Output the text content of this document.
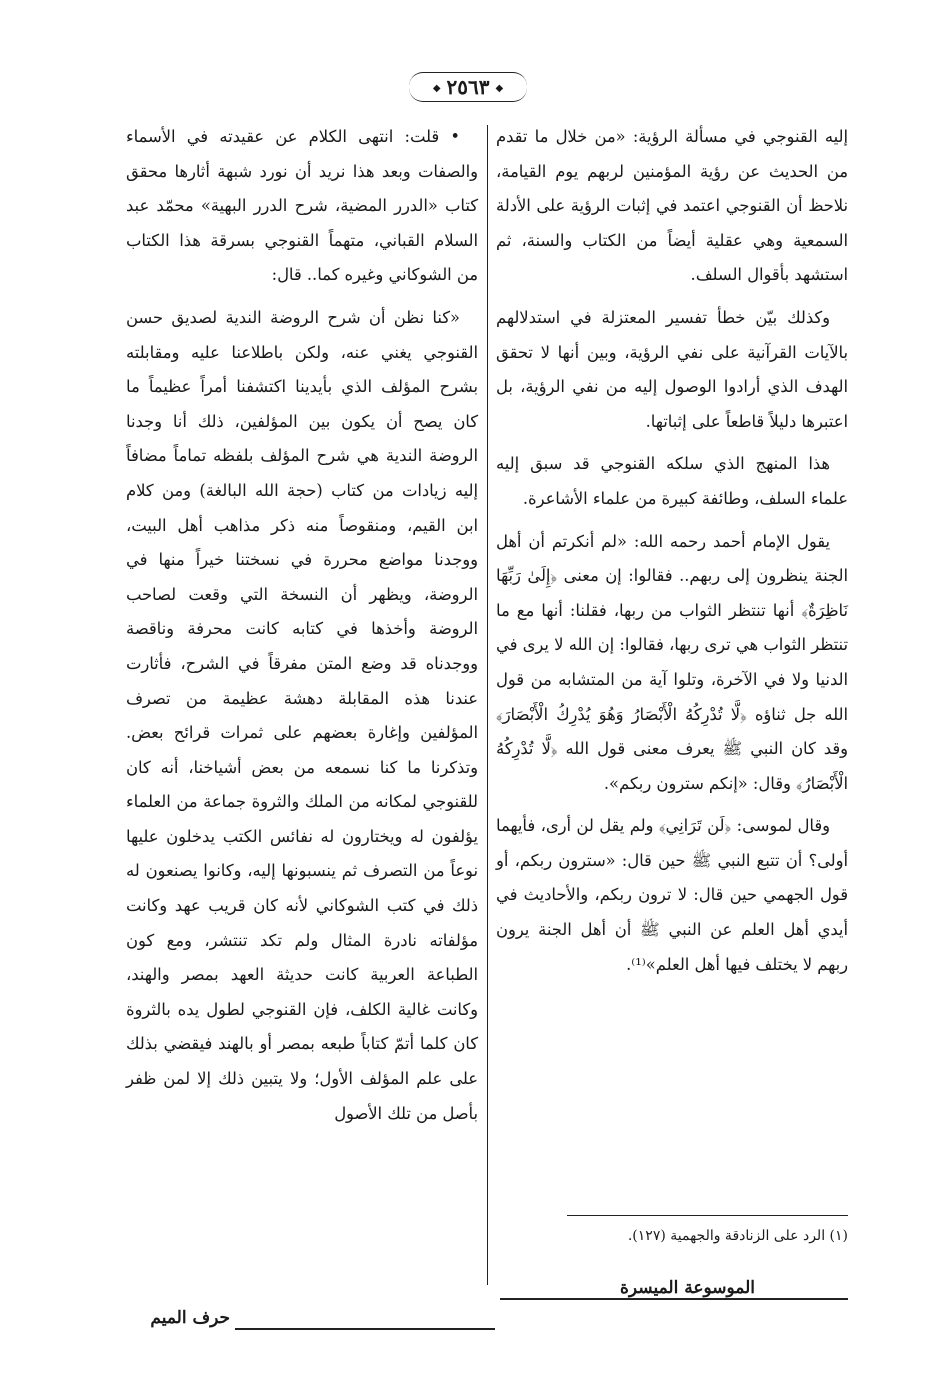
◆٢٥٦٣◆

إليه القنوجي في مسألة الرؤية: «من خلال ما تقدم من الحديث عن رؤية المؤمنين لربهم يوم القيامة، نلاحظ أن القنوجي اعتمد في إثبات الرؤية على الأدلة السمعية وهي عقلية أيضاً من الكتاب والسنة، ثم استشهد بأقوال السلف.

وكذلك بيّن خطأ تفسير المعتزلة في استدلالهم بالآيات القرآنية على نفي الرؤية، وبين أنها لا تحقق الهدف الذي أرادوا الوصول إليه من نفي الرؤية، بل اعتبرها دليلاً قاطعاً على إثباتها.

هذا المنهج الذي سلكه القنوجي قد سبق إليه علماء السلف، وطائفة كبيرة من علماء الأشاعرة.

يقول الإمام أحمد رحمه الله: «لم أنكرتم أن أهل الجنة ينظرون إلى ربهم.. فقالوا: إن معنى ﴿إِلَىٰ رَبِّهَا نَاظِرَةٌ﴾ أنها تنتظر الثواب من ربها، فقلنا: أنها مع ما تنتظر الثواب هي ترى ربها، فقالوا: إن الله لا يرى في الدنيا ولا في الآخرة، وتلوا آية من المتشابه من قول الله جل ثناؤه ﴿لَّا تُدْرِكُهُ الْأَبْصَارُ وَهُوَ يُدْرِكُ الْأَبْصَارَ﴾ وقد كان النبي ﷺ يعرف معنى قول الله ﴿لَّا تُدْرِكُهُ الْأَبْصَارُ﴾ وقال: «إنكم سترون ربكم».

وقال لموسى: ﴿لَن تَرَانِي﴾ ولم يقل لن أرى، فأيهما أولى؟ أن تتبع النبي ﷺ حين قال: «سترون ربكم، أو قول الجهمي حين قال: لا ترون ربكم، والأحاديث في أيدي أهل العلم عن النبي ﷺ أن أهل الجنة يرون ربهم لا يختلف فيها أهل العلم»⁽¹⁾.

• قلت: انتهى الكلام عن عقيدته في الأسماء والصفات وبعد هذا نريد أن نورد شبهة أثارها محقق كتاب «الدرر المضية، شرح الدرر البهية» محمّد عبد السلام القباني، متهماً القنوجي بسرقة هذا الكتاب من الشوكاني وغيره كما.. قال:

«كنا نظن أن شرح الروضة الندية لصديق حسن القنوجي يغني عنه، ولكن باطلاعنا عليه ومقابلته بشرح المؤلف الذي بأيدينا اكتشفنا أمراً عظيماً ما كان يصح أن يكون بين المؤلفين، ذلك أنا وجدنا الروضة الندية هي شرح المؤلف بلفظه تماماً مضافاً إليه زيادات من كتاب (حجة الله البالغة) ومن كلام ابن القيم، ومنقوصاً منه ذكر مذاهب أهل البيت، ووجدنا مواضع محررة في نسختنا خيراً منها في الروضة، ويظهر أن النسخة التي وقعت لصاحب الروضة وأخذها في كتابه كانت محرفة وناقصة ووجدناه قد وضع المتن مفرقاً في الشرح، فأثارت عندنا هذه المقابلة دهشة عظيمة من تصرف المؤلفين وإغارة بعضهم على ثمرات قرائح بعض. وتذكرنا ما كنا نسمعه من بعض أشياخنا، أنه كان للقنوجي لمكانه من الملك والثروة جماعة من العلماء يؤلفون له ويختارون له نفائس الكتب يدخلون عليها نوعاً من التصرف ثم ينسبونها إليه، وكانوا يصنعون له ذلك في كتب الشوكاني لأنه كان قريب عهد وكانت مؤلفاته نادرة المثال ولم تكد تنتشر، ومع كون الطباعة العربية كانت حديثة العهد بمصر والهند، وكانت غالية الكلف، فإن القنوجي لطول يده بالثروة كان كلما أتمّ كتاباً طبعه بمصر أو بالهند فيقضي بذلك على علم المؤلف الأول؛ ولا يتبين ذلك إلا لمن ظفر بأصل من تلك الأصول

(١) الرد على الزنادقة والجهمية (١٢٧).
الموسوعة الميسرة
حرف الميم
